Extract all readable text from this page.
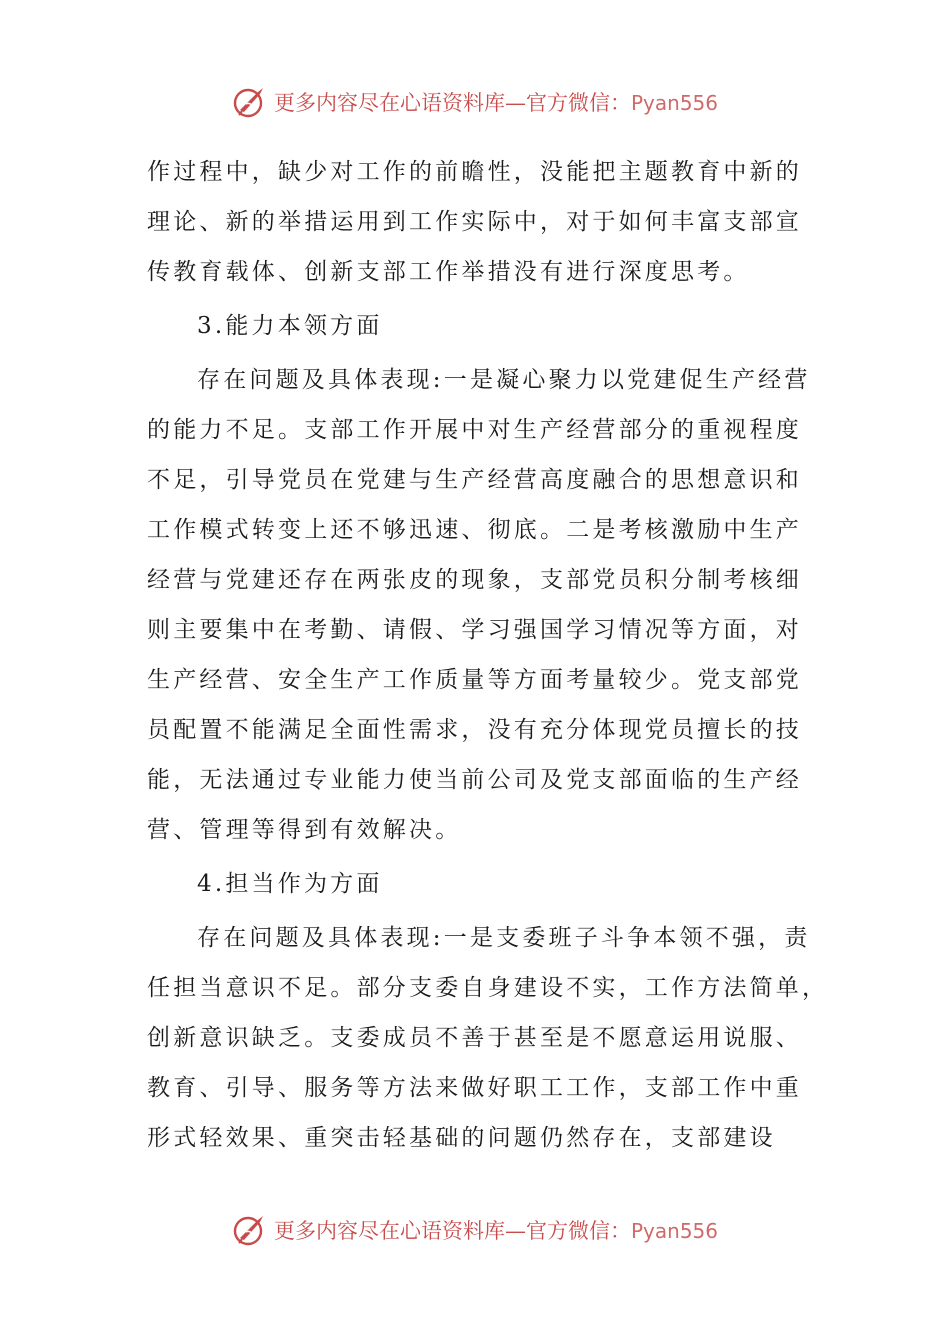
更多内容尽在心语资料库—官方微信：Pyan556
作过程中，缺少对工作的前瞻性，没能把主题教育中新的
理论、新的举措运用到工作实际中，对于如何丰富支部宣
传教育载体、创新支部工作举措没有进行深度思考。
3.能力本领方面
存在问题及具体表现:一是凝心聚力以党建促生产经营
的能力不足。支部工作开展中对生产经营部分的重视程度
不足，引导党员在党建与生产经营高度融合的思想意识和
工作模式转变上还不够迅速、彻底。二是考核激励中生产
经营与党建还存在两张皮的现象，支部党员积分制考核细
则主要集中在考勤、请假、学习强国学习情况等方面，对
生产经营、安全生产工作质量等方面考量较少。党支部党
员配置不能满足全面性需求，没有充分体现党员擅长的技
能，无法通过专业能力使当前公司及党支部面临的生产经
营、管理等得到有效解决。
4.担当作为方面
存在问题及具体表现:一是支委班子斗争本领不强，责
任担当意识不足。部分支委自身建设不实，工作方法简单，
创新意识缺乏。支委成员不善于甚至是不愿意运用说服、
教育、引导、服务等方法来做好职工工作，支部工作中重
形式轻效果、重突击轻基础的问题仍然存在，支部建设
更多内容尽在心语资料库—官方微信：Pyan556
